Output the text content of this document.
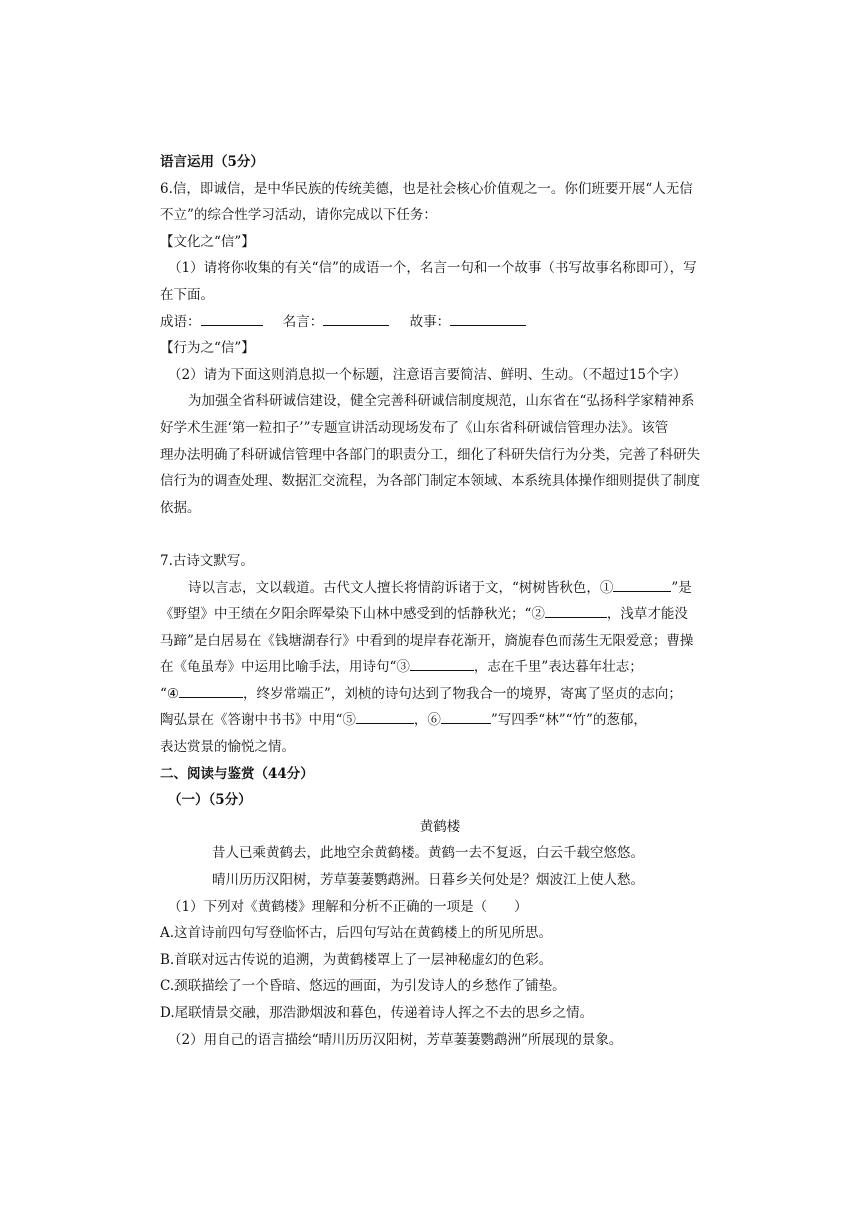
语言运用（5分）
6.信，即诚信，是中华民族的传统美德，也是社会核心价值观之一。你们班要开展“人无信
不立”的综合性学习活动，请你完成以下任务：
【文化之“信”】
（1）请将你收集的有关“信”的成语一个，名言一句和一个故事（书写故事名称即可），写
在下面。
成语：	名言：	故事：
【行为之“信”】
（2）请为下面这则消息拟一个标题，注意语言要简洁、鲜明、生动。（不超过15个字）
为加强全省科研诚信建设，健全完善科研诚信制度规范，山东省在“弘扬科学家精神系
好学术生涯‘第一粒扣子’”专题宣讲活动现场发布了《山东省科研诚信管理办法》。该管
理办法明确了科研诚信管理中各部门的职责分工，细化了科研失信行为分类，完善了科研失
信行为的调查处理、数据汇交流程，为各部门制定本领域、本系统具体操作细则提供了制度
依据。
7.古诗文默写。
诗以言志，文以载道。古代文人擅长将情韵诉诸于文，“树树皆秋色，①	”是
《野望》中王绩在夕阳余晖晕染下山林中感受到的恬静秋光；“②	，浅草才能没
马蹄”是白居易在《钱塘湖春行》中看到的堤岸春花渐开，旖旎春色而荡生无限爱意；曹操
在《龟虽寿》中运用比喻手法，用诗句“③	，志在千里”表达暮年壮志；
“④	，终岁常端正”，刘桢的诗句达到了物我合一的境界，寄寓了坚贞的志向；
陶弘景在《答谢中书书》中用“⑤	，⑥	”写四季“林”“竹”的葱郁，
表达赏景的愉悦之情。
二、阅读与鉴赏（44分）
（一）（5分）
黄鹤楼
昔人已乘黄鹤去，此地空余黄鹤楼。黄鹤一去不复返，白云千载空悠悠。
晴川历历汉阳树，芳草萋萋鹦鹉洲。日暮乡关何处是？烟波江上使人愁。
（1）下列对《黄鹤楼》理解和分析不正确的一项是（　　）
A.这首诗前四句写登临怀古，后四句写站在黄鹤楼上的所见所思。
B.首联对远古传说的追溯，为黄鹤楼罩上了一层神秘虚幻的色彩。
C.颈联描绘了一个昏暗、悠远的画面，为引发诗人的乡愁作了铺垫。
D.尾联情景交融，那浩渺烟波和暮色，传递着诗人挥之不去的思乡之情。
（2）用自己的语言描绘“晴川历历汉阳树，芳草萋萋鹦鹉洲”所展现的景象。
